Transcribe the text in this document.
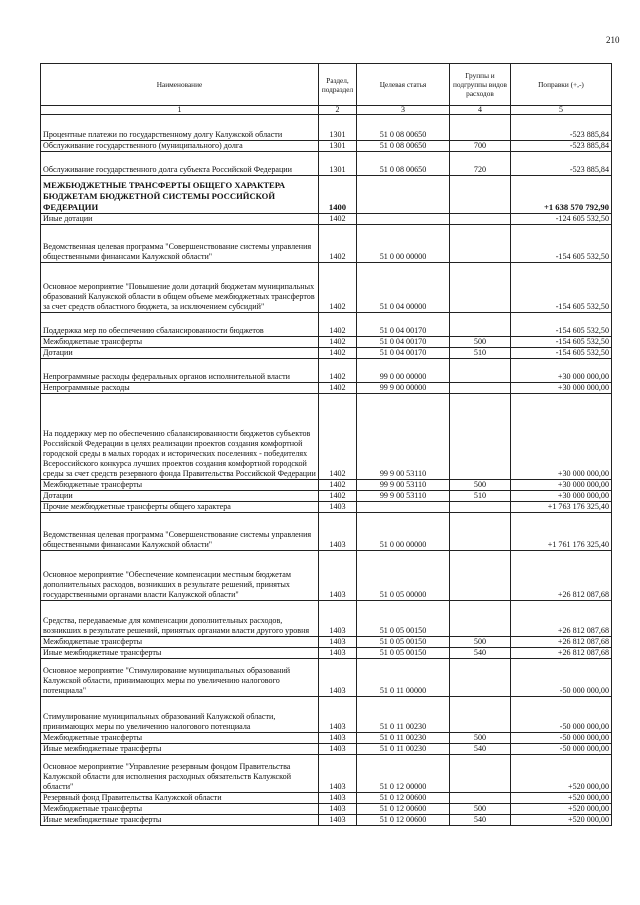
210
Наименование	Раздел, подраздел	Целевая статья	Группы и подгруппы видов расходов	Поправки (+,-)
1	2	3	4	5
Процентные платежи по государственному долгу Калужской области	1301	51 0 08 00650		-523 885,84
Обслуживание государственного (муниципального) долга	1301	51 0 08 00650	700	-523 885,84
Обслуживание государственного долга субъекта Российской Федерации	1301	51 0 08 00650	720	-523 885,84
МЕЖБЮДЖЕТНЫЕ ТРАНСФЕРТЫ ОБЩЕГО ХАРАКТЕРА БЮДЖЕТАМ БЮДЖЕТНОЙ СИСТЕМЫ РОССИЙСКОЙ ФЕДЕРАЦИИ	1400			+1 638 570 792,90
Иные дотации	1402			-124 605 532,50
Ведомственная целевая программа "Совершенствование системы управления общественными финансами Калужской области"	1402	51 0 00 00000		-154 605 532,50
Основное мероприятие "Повышение доли дотаций бюджетам муниципальных образований Калужской области в общем объеме межбюджетных трансфертов за счет средств областного бюджета, за исключением субсидий"	1402	51 0 04 00000		-154 605 532,50
Поддержка мер по обеспечению сбалансированности бюджетов	1402	51 0 04 00170		-154 605 532,50
Межбюджетные трансферты	1402	51 0 04 00170	500	-154 605 532,50
Дотации	1402	51 0 04 00170	510	-154 605 532,50
Непрограммные расходы федеральных органов исполнительной власти	1402	99 0 00 00000		+30 000 000,00
Непрограммные расходы	1402	99 9 00 00000		+30 000 000,00
На поддержку мер по обеспечению сбалансированности бюджетов субъектов Российской Федерации в целях реализации проектов создания комфортной городской среды в малых городах и исторических поселениях - победителях Всероссийского конкурса лучших проектов создания комфортной городской среды за счет средств резервного фонда Правительства Российской Федерации	1402	99 9 00 53110		+30 000 000,00
Межбюджетные трансферты	1402	99 9 00 53110	500	+30 000 000,00
Дотации	1402	99 9 00 53110	510	+30 000 000,00
Прочие межбюджетные трансферты общего характера	1403			+1 763 176 325,40
Ведомственная целевая программа "Совершенствование системы управления общественными финансами Калужской области"	1403	51 0 00 00000		+1 761 176 325,40
Основное мероприятие "Обеспечение компенсации местным бюджетам дополнительных расходов, возникших в результате решений, принятых государственными органами власти Калужской области"	1403	51 0 05 00000		+26 812 087,68
Средства, передаваемые для компенсации дополнительных расходов, возникших в результате решений, принятых органами власти другого уровня	1403	51 0 05 00150		+26 812 087,68
Межбюджетные трансферты	1403	51 0 05 00150	500	+26 812 087,68
Иные межбюджетные трансферты	1403	51 0 05 00150	540	+26 812 087,68
Основное мероприятие "Стимулирование муниципальных образований Калужской области, принимающих меры по увеличению налогового потенциала"	1403	51 0 11 00000		-50 000 000,00
Стимулирование муниципальных образований Калужской области, принимающих меры по увеличению налогового потенциала	1403	51 0 11 00230		-50 000 000,00
Межбюджетные трансферты	1403	51 0 11 00230	500	-50 000 000,00
Иные межбюджетные трансферты	1403	51 0 11 00230	540	-50 000 000,00
Основное мероприятие "Управление резервным фондом Правительства Калужской области для исполнения расходных обязательств Калужской области"	1403	51 0 12 00000		+520 000,00
Резервный фонд Правительства Калужской области	1403	51 0 12 00600		+520 000,00
Межбюджетные трансферты	1403	51 0 12 00600	500	+520 000,00
Иные межбюджетные трансферты	1403	51 0 12 00600	540	+520 000,00
